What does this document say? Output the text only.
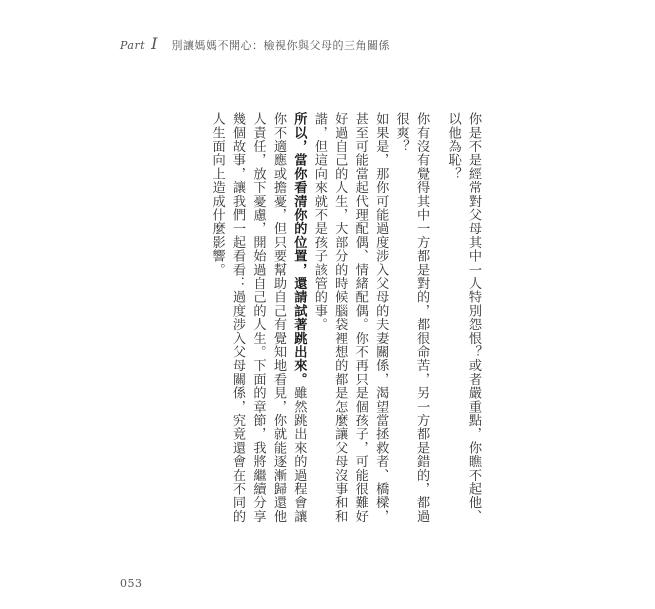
Part I 別讓媽媽不開心：檢視你與父母的三角關係

你是不是經常對父母其中一人特別怨恨？或者嚴重點，你瞧不起他、以他為恥？

你有沒有覺得其中一方都是對的，都很命苦，另一方都是錯的，都過很爽？

如果是，那你可能過度涉入父母的夫妻關係，渴望當拯救者、橋樑，甚至可能當起代理配偶、情緒配偶。你不再只是個孩子，可能很難好好過自己的人生，大部分的時候腦袋裡想的都是怎麼讓父母沒事和和諧，但這向來就不是孩子該管的事。

所以，當你看清你的位置，還請試著跳出來。雖然跳出來的過程會讓你不適應或擔憂，但只要幫助自己有覺知地看見，你就能逐漸歸還他人責任，放下憂慮，開始過自己的人生。下面的章節，我將繼續分享幾個故事，讓我們一起看看：過度涉入父母關係，究竟還會在不同的人生面向上造成什麼影響。

053
